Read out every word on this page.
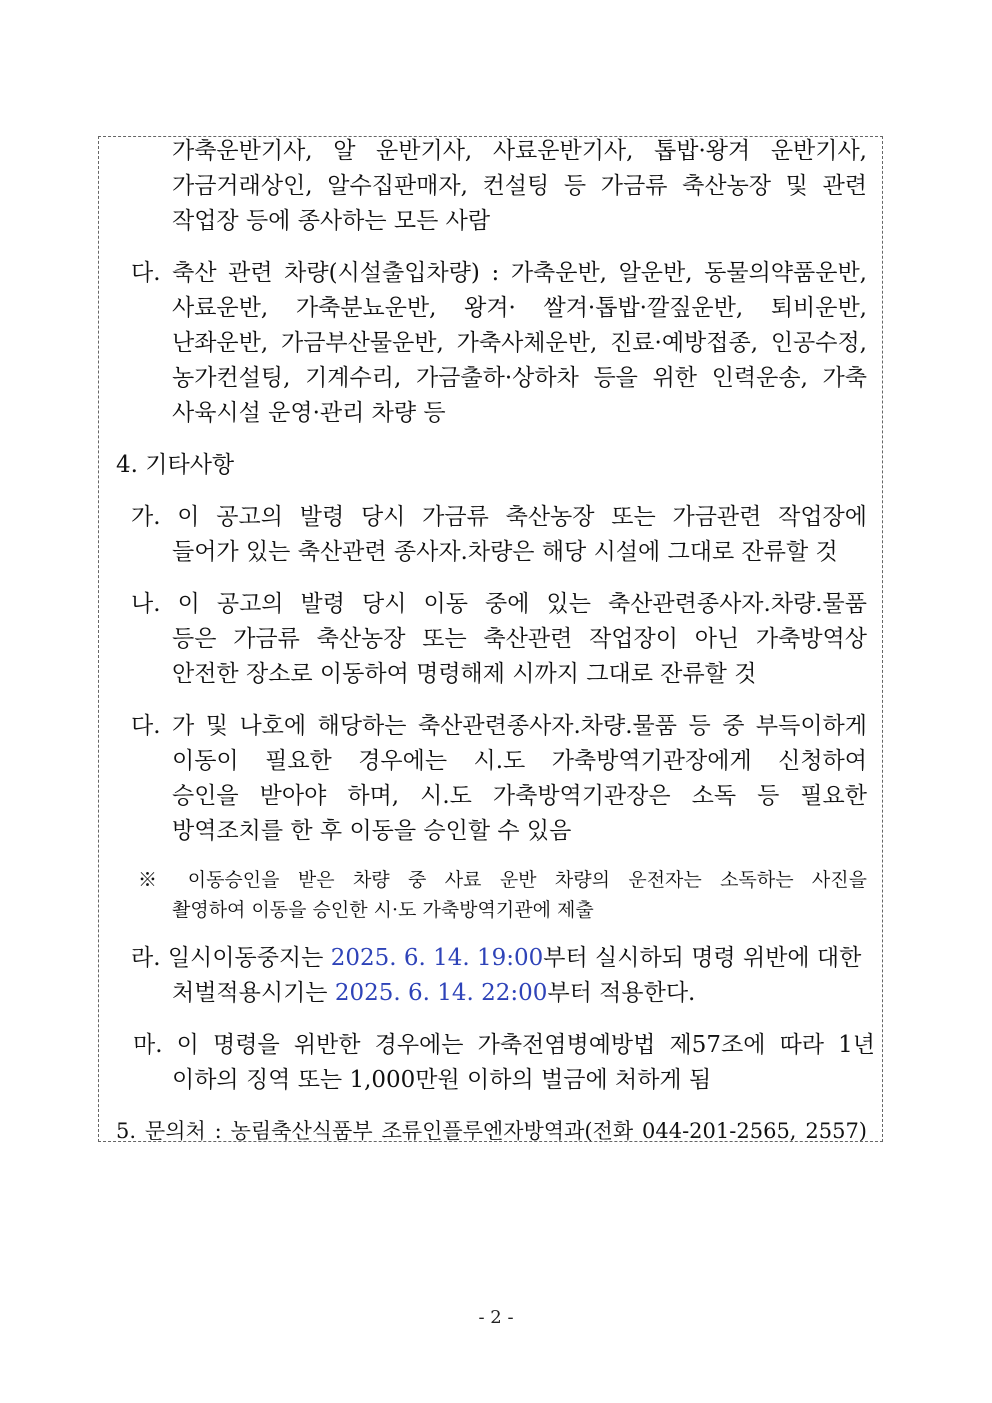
가축운반기사, 알 운반기사, 사료운반기사, 톱밥·왕겨 운반기사,
가금거래상인, 알수집판매자, 컨설팅 등 가금류 축산농장 및 관련
작업장 등에 종사하는 모든 사람
다. 축산 관련 차량(시설출입차량) : 가축운반, 알운반, 동물의약품운반,
사료운반, 가축분뇨운반, 왕겨· 쌀겨·톱밥·깔짚운반, 퇴비운반,
난좌운반, 가금부산물운반, 가축사체운반, 진료·예방접종, 인공수정,
농가컨설팅, 기계수리, 가금출하·상하차 등을 위한 인력운송, 가축
사육시설 운영·관리 차량 등
4. 기타사항
가. 이 공고의 발령 당시 가금류 축산농장 또는 가금관련 작업장에
들어가 있는 축산관련 종사자.차량은 해당 시설에 그대로 잔류할 것
나. 이 공고의 발령 당시 이동 중에 있는 축산관련종사자.차량.물품
등은 가금류 축산농장 또는 축산관련 작업장이 아닌 가축방역상
안전한 장소로 이동하여 명령해제 시까지 그대로 잔류할 것
다. 가 및 나호에 해당하는 축산관련종사자.차량.물품 등 중 부득이하게
이동이 필요한 경우에는 시.도 가축방역기관장에게 신청하여
승인을 받아야 하며, 시.도 가축방역기관장은 소독 등 필요한
방역조치를 한 후 이동을 승인할 수 있음
※ 이동승인을 받은 차량 중 사료 운반 차량의 운전자는 소독하는 사진을
촬영하여 이동을 승인한 시·도 가축방역기관에 제출
라. 일시이동중지는 2025. 6. 14. 19:00부터 실시하되 명령 위반에 대한
처벌적용시기는 2025. 6. 14. 22:00부터 적용한다.
마. 이 명령을 위반한 경우에는 가축전염병예방법 제57조에 따라 1년
이하의 징역 또는 1,000만원 이하의 벌금에 처하게 됨
5. 문의처 : 농림축산식품부 조류인플루엔자방역과(전화 044-201-2565, 2557)
- 2 -
